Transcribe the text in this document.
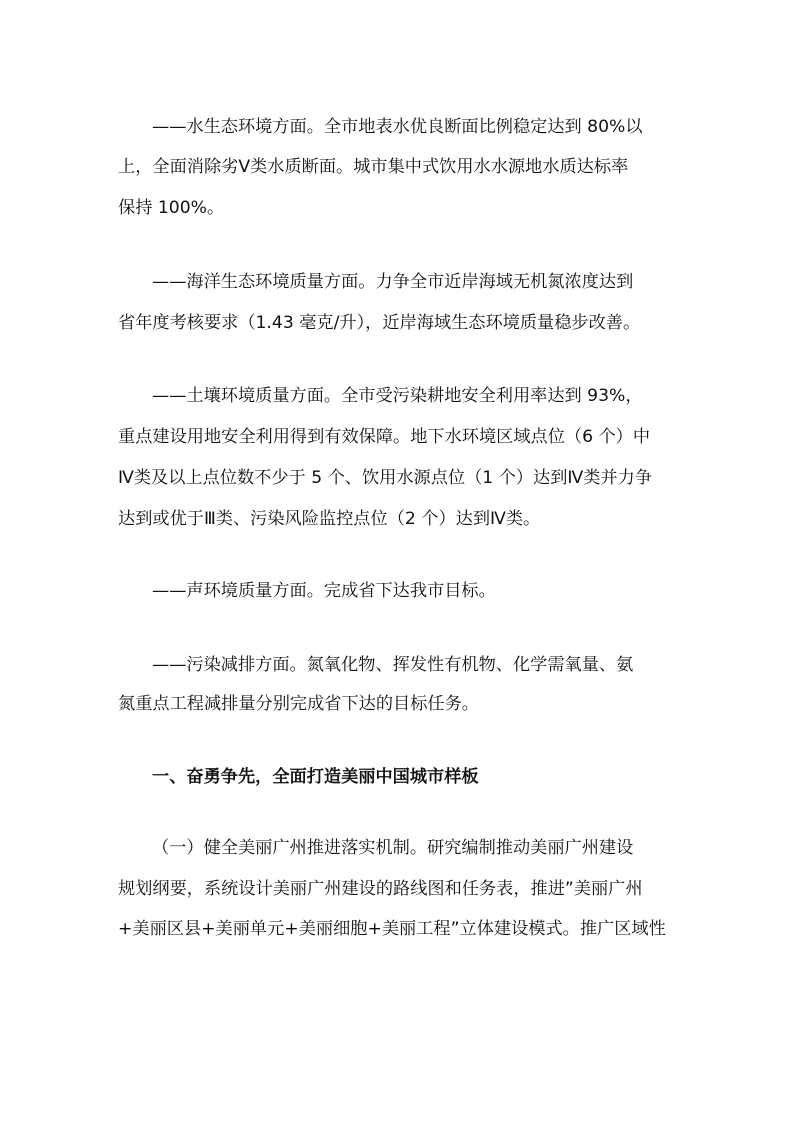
——水生态环境方面。全市地表水优良断面比例稳定达到 80%以
上，全面消除劣Ⅴ类水质断面。城市集中式饮用水水源地水质达标率
保持 100%。
——海洋生态环境质量方面。力争全市近岸海域无机氮浓度达到
省年度考核要求（1.43 毫克/升），近岸海域生态环境质量稳步改善。
——土壤环境质量方面。全市受污染耕地安全利用率达到 93%，
重点建设用地安全利用得到有效保障。地下水环境区域点位（6 个）中
Ⅳ类及以上点位数不少于 5 个、饮用水源点位（1 个）达到Ⅳ类并力争
达到或优于Ⅲ类、污染风险监控点位（2 个）达到Ⅳ类。
——声环境质量方面。完成省下达我市目标。
——污染减排方面。氮氧化物、挥发性有机物、化学需氧量、氨
氮重点工程减排量分别完成省下达的目标任务。
一、奋勇争先，全面打造美丽中国城市样板
（一）健全美丽广州推进落实机制。研究编制推动美丽广州建设
规划纲要，系统设计美丽广州建设的路线图和任务表，推进”美丽广州
+美丽区县+美丽单元+美丽细胞+美丽工程”立体建设模式。推广区域性
